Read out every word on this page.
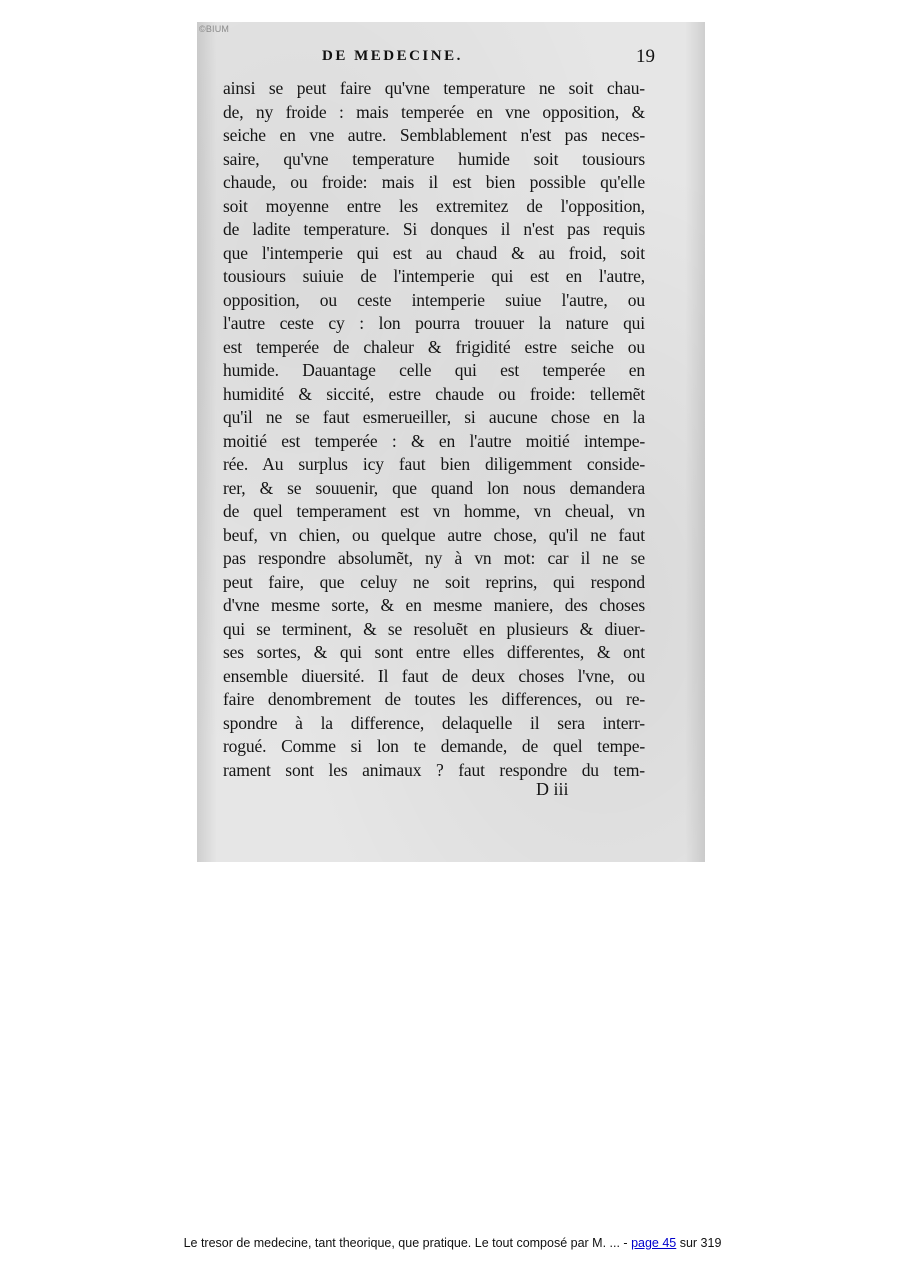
©BIUM
DE MEDECINE.	19
ainsi se peut faire qu'vne temperature ne soit chau-
de, ny froide : mais temperée en vne opposition, &
seiche en vne autre. Semblablement n'est pas neces-
saire, qu'vne temperature humide soit tousiours
chaude, ou froide: mais il est bien possible qu'elle
soit moyenne entre les extremitez de l'opposition,
de ladite temperature. Si donques il n'est pas requis
que l'intemperie qui est au chaud & au froid, soit
tousiours suiuie de l'intemperie qui est en l'autre,
opposition, ou ceste intemperie suiue l'autre, ou
l'autre ceste cy : lon pourra trouuer la nature qui
est temperée de chaleur & frigidité estre seiche ou
humide. Dauantage celle qui est temperée en
humidité & siccité, estre chaude ou froide: tellemẽt
qu'il ne se faut esmerueiller, si aucune chose en la
moitié est temperée : & en l'autre moitié intempe-
rée. Au surplus icy faut bien diligemment conside-
rer, & se souuenir, que quand lon nous demandera
de quel temperament est vn homme, vn cheual, vn
beuf, vn chien, ou quelque autre chose, qu'il ne faut
pas respondre absolumẽt, ny à vn mot: car il ne se
peut faire, que celuy ne soit reprins, qui respond
d'vne mesme sorte, & en mesme maniere, des choses
qui se terminent, & se resoluẽt en plusieurs & diuer-
ses sortes, & qui sont entre elles differentes, & ont
ensemble diuersité. Il faut de deux choses l'vne, ou
faire denombrement de toutes les differences, ou re-
spondre à la difference, delaquelle il sera interr-
rogué. Comme si lon te demande, de quel tempe-
rament sont les animaux ? faut respondre du tem-
D iii
Le tresor de medecine, tant theorique, que pratique. Le tout composé par M. ... - page 45 sur 319
